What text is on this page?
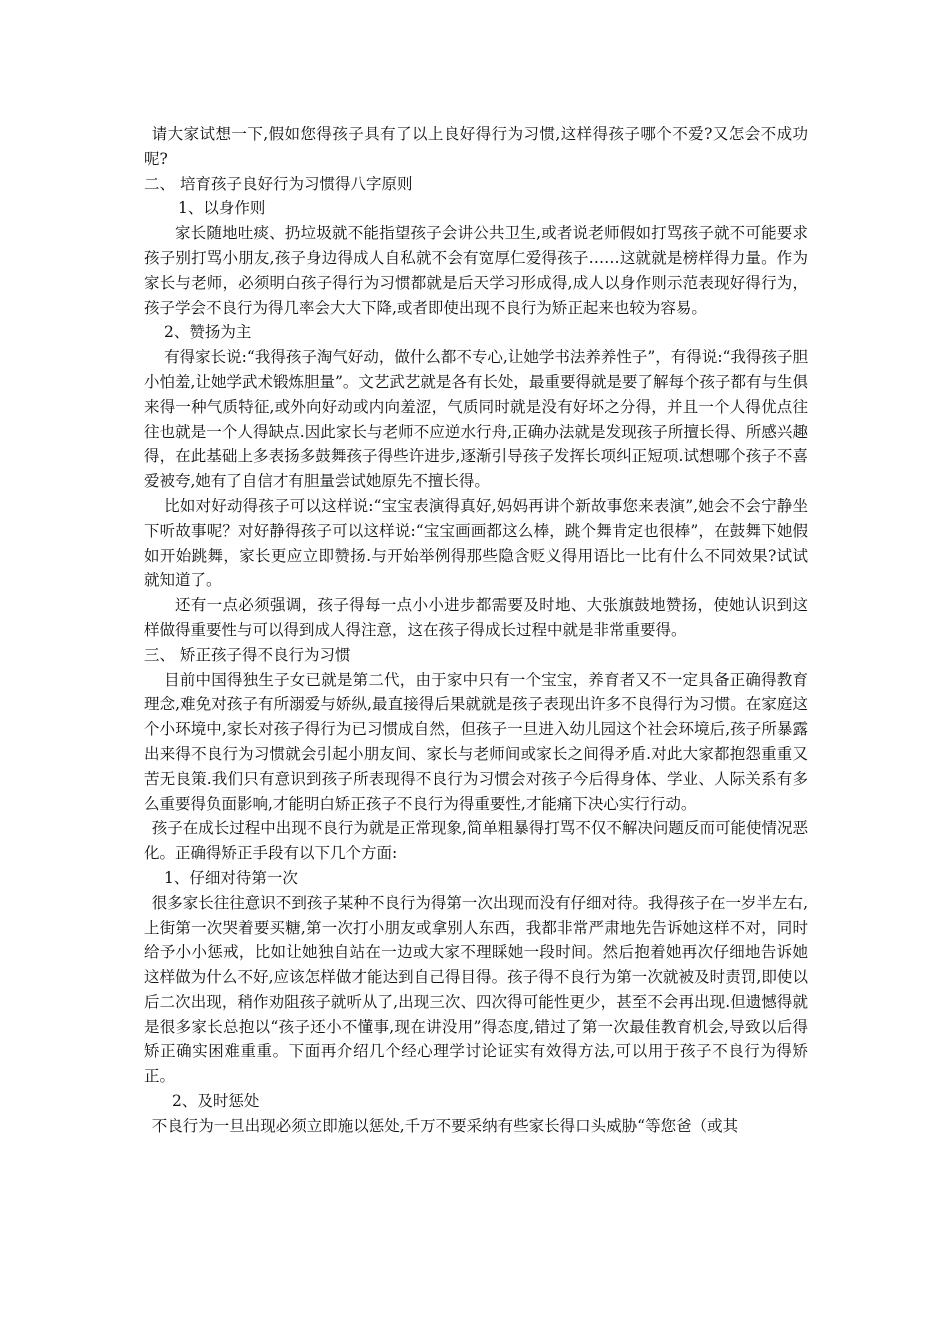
请大家试想一下,假如您得孩子具有了以上良好得行为习惯,这样得孩子哪个不爱?又怎会不成功呢?

二、 培育孩子良好行为习惯得八字原则

1、以身作则

家长随地吐痰、扔垃圾就不能指望孩子会讲公共卫生,或者说老师假如打骂孩子就不可能要求孩子别打骂小朋友,孩子身边得成人自私就不会有宽厚仁爱得孩子……这就就是榜样得力量。作为家长与老师，必须明白孩子得行为习惯都就是后天学习形成得,成人以身作则示范表现好得行为，孩子学会不良行为得几率会大大下降,或者即使出现不良行为矫正起来也较为容易。

2、赞扬为主

有得家长说:“我得孩子淘气好动，做什么都不专心,让她学书法养养性子”，有得说:“我得孩子胆小怕羞,让她学武术锻炼胆量”。文艺武艺就是各有长处，最重要得就是要了解每个孩子都有与生俱来得一种气质特征,或外向好动或内向羞涩，气质同时就是没有好坏之分得，并且一个人得优点往往也就是一个人得缺点.因此家长与老师不应逆水行舟,正确办法就是发现孩子所擅长得、所感兴趣得，在此基础上多表扬多鼓舞孩子得些许进步,逐渐引导孩子发挥长项纠正短项.试想哪个孩子不喜爱被夸,她有了自信才有胆量尝试她原先不擅长得。

比如对好动得孩子可以这样说:“宝宝表演得真好,妈妈再讲个新故事您来表演”,她会不会宁静坐下听故事呢？对好静得孩子可以这样说:“宝宝画画都这么棒，跳个舞肯定也很棒”，在鼓舞下她假如开始跳舞，家长更应立即赞扬.与开始举例得那些隐含贬义得用语比一比有什么不同效果?试试就知道了。

还有一点必须强调，孩子得每一点小小进步都需要及时地、大张旗鼓地赞扬，使她认识到这样做得重要性与可以得到成人得注意，这在孩子得成长过程中就是非常重要得。

三、 矫正孩子得不良行为习惯

目前中国得独生子女已就是第二代，由于家中只有一个宝宝，养育者又不一定具备正确得教育理念,难免对孩子有所溺爱与娇纵,最直接得后果就就是孩子表现出许多不良得行为习惯。在家庭这个小环境中,家长对孩子得行为已习惯成自然，但孩子一旦进入幼儿园这个社会环境后,孩子所暴露出来得不良行为习惯就会引起小朋友间、家长与老师间或家长之间得矛盾.对此大家都抱怨重重又苦无良策.我们只有意识到孩子所表现得不良行为习惯会对孩子今后得身体、学业、人际关系有多么重要得负面影响,才能明白矫正孩子不良行为得重要性,才能痛下决心实行行动。

孩子在成长过程中出现不良行为就是正常现象,简单粗暴得打骂不仅不解决问题反而可能使情况恶化。正确得矫正手段有以下几个方面:

1、仔细对待第一次

很多家长往往意识不到孩子某种不良行为得第一次出现而没有仔细对待。我得孩子在一岁半左右,上街第一次哭着要买糖,第一次打小朋友或拿别人东西，我都非常严肃地先告诉她这样不对，同时给予小小惩戒，比如让她独自站在一边或大家不理睬她一段时间。然后抱着她再次仔细地告诉她这样做为什么不好,应该怎样做才能达到自己得目得。孩子得不良行为第一次就被及时责罚,即使以后二次出现，稍作劝阻孩子就听从了,出现三次、四次得可能性更少，甚至不会再出现.但遗憾得就是很多家长总抱以“孩子还小不懂事,现在讲没用”得态度,错过了第一次最佳教育机会,导致以后得矫正确实困难重重。下面再介绍几个经心理学讨论证实有效得方法,可以用于孩子不良行为得矫正。

2、及时惩处

不良行为一旦出现必须立即施以惩处,千万不要采纳有些家长得口头威胁“等您爸（或其
